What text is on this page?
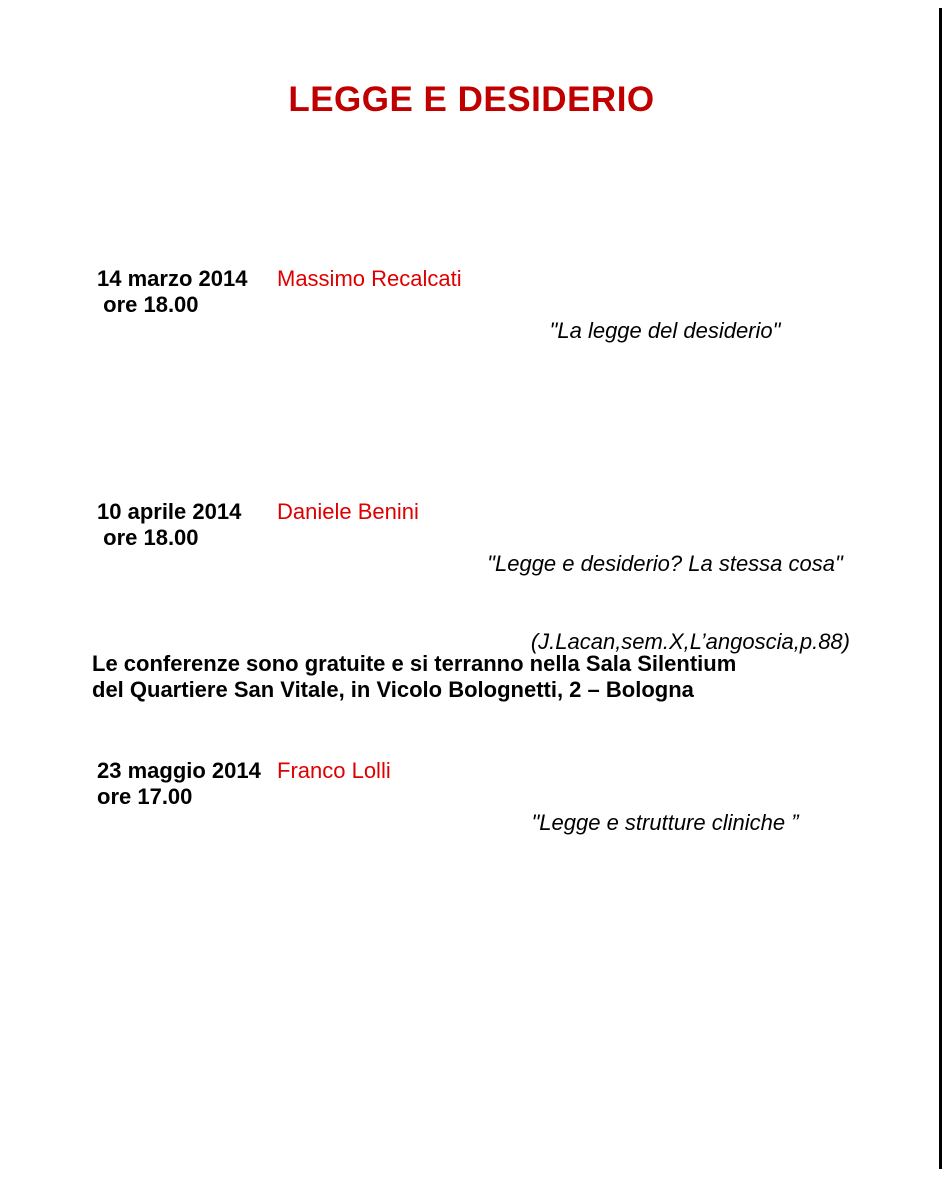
LEGGE E DESIDERIO
14 marzo 2014
ore 18.00
Massimo Recalcati

"La legge del desiderio"

10 aprile 2014
ore 18.00
Daniele Benini

"Legge e desiderio? La stessa cosa"

(J.Lacan,sem.X,L’angoscia,p.88)

23 maggio 2014
ore 17.00
Franco Lolli

"Legge e strutture cliniche ”

Le conferenze sono gratuite e si terranno nella Sala Silentium
del Quartiere San Vitale, in Vicolo Bolognetti, 2 – Bologna
